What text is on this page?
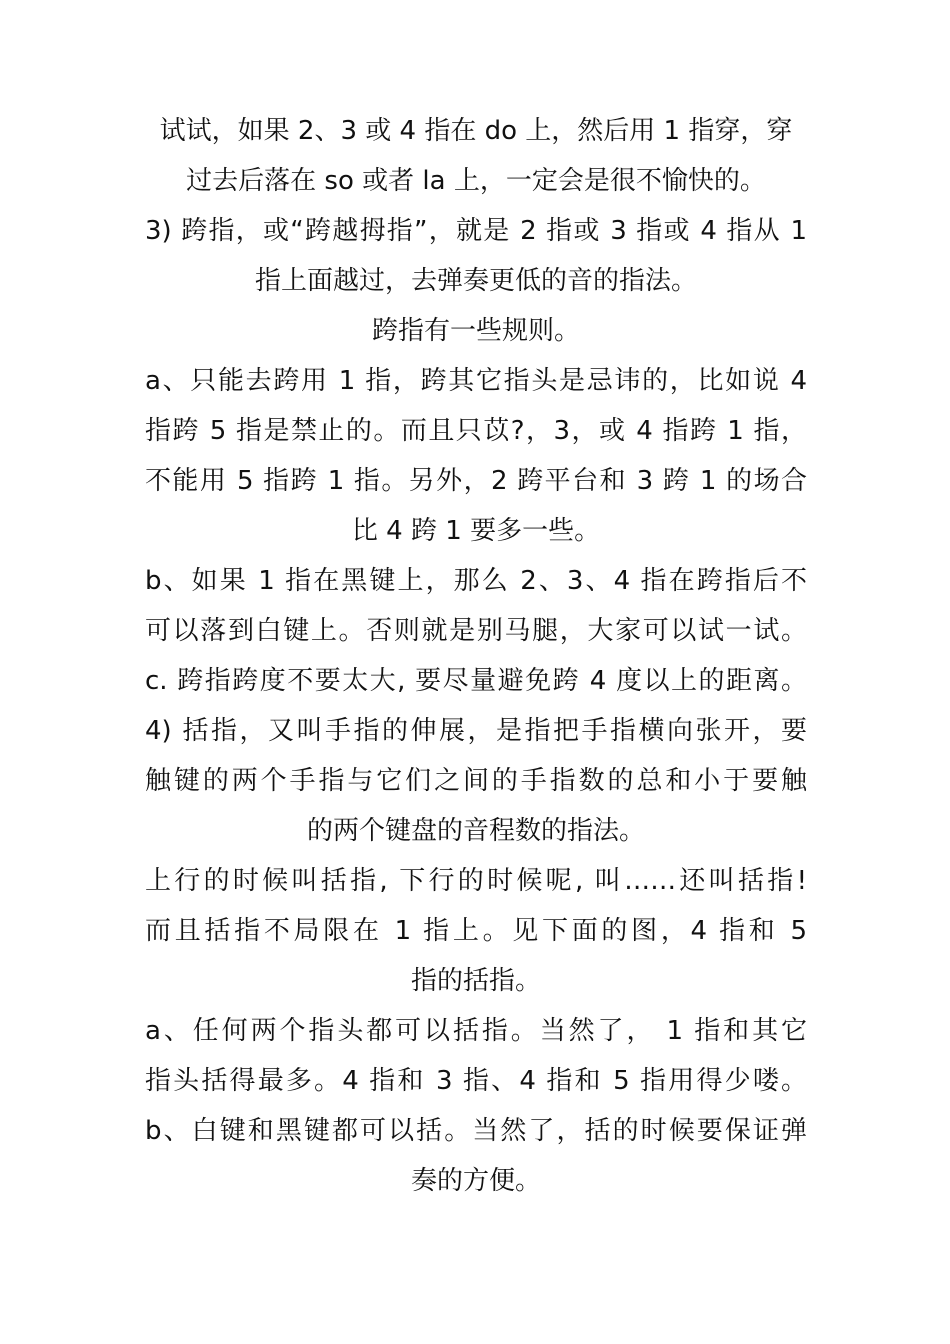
试试，如果 2、3 或 4 指在 do 上，然后用 1 指穿，穿
过去后落在 so 或者 la 上，一定会是很不愉快的。
3) 跨指，或“跨越拇指”，就是 2 指或 3 指或 4 指从 1
指上面越过，去弹奏更低的音的指法。
跨指有一些规则。
a、只能去跨用 1 指，跨其它指头是忌讳的，比如说 4
指跨 5 指是禁止的。而且只苡?，3，或 4 指跨 1 指，
不能用 5 指跨 1 指。另外，2 跨平台和 3 跨 1 的场合
比 4 跨 1 要多一些。
b、如果 1 指在黑键上，那么 2、3、4 指在跨指后不
可以落到白键上。否则就是别马腿，大家可以试一试。
c. 跨指跨度不要太大, 要尽量避免跨 4 度以上的距离。
4) 括指，又叫手指的伸展，是指把手指横向张开，要
触键的两个手指与它们之间的手指数的总和小于要触
的两个键盘的音程数的指法。
上行的时候叫括指, 下行的时候呢, 叫……还叫括指!
而且括指不局限在 1 指上。见下面的图，4 指和 5
指的括指。
a、任何两个指头都可以括指。当然了， 1 指和其它
指头括得最多。4 指和 3 指、4 指和 5 指用得少喽。
b、白键和黑键都可以括。当然了，括的时候要保证弹
奏的方便。
